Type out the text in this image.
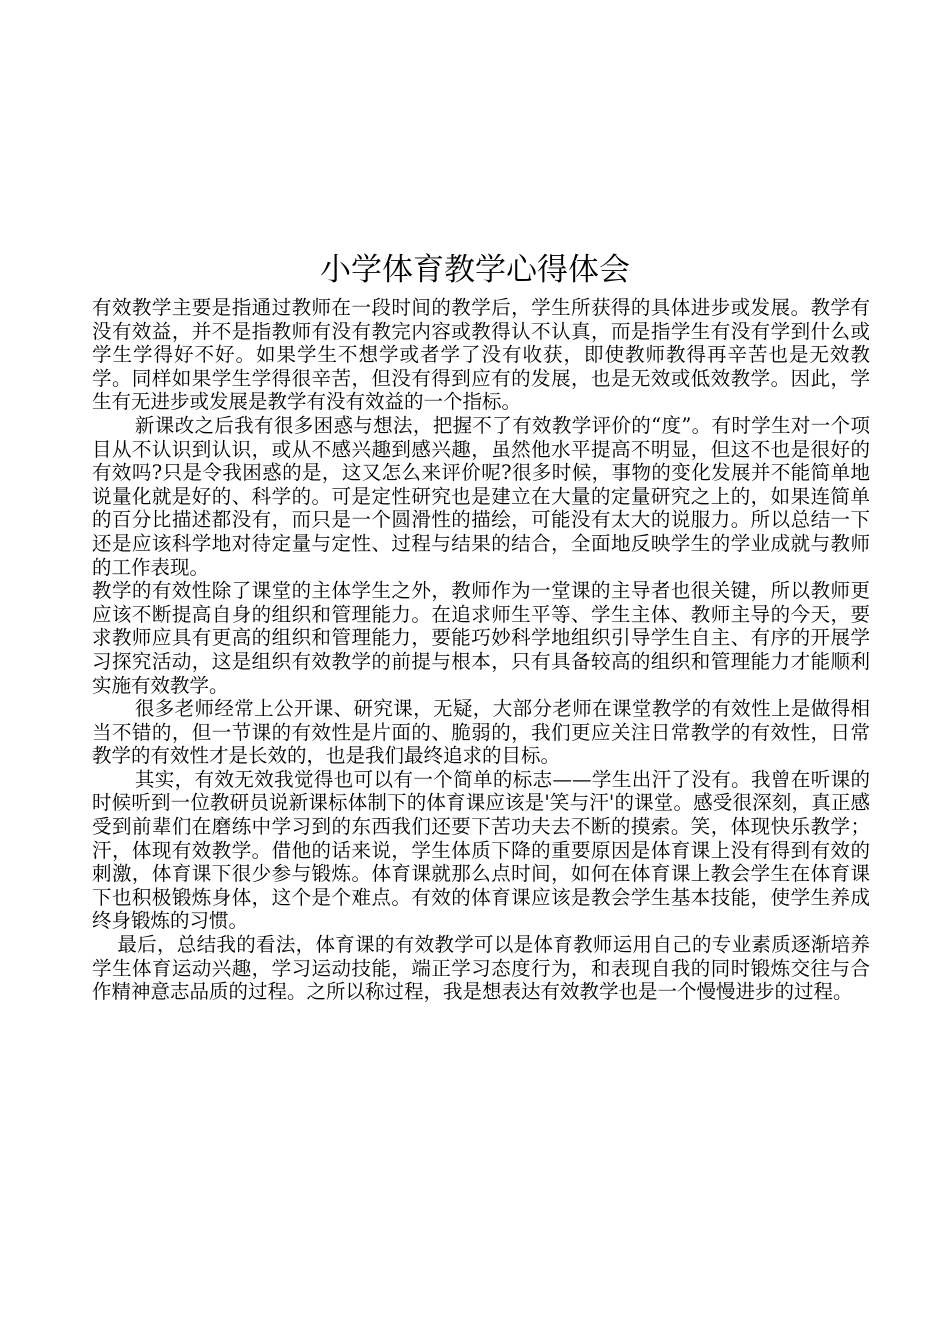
小学体育教学心得体会

有效教学主要是指通过教师在一段时间的教学后，学生所获得的具体进步或发展。教学有没有效益，并不是指教师有没有教完内容或教得认不认真，而是指学生有没有学到什么或学生学得好不好。如果学生不想学或者学了没有收获，即使教师教得再辛苦也是无效教学。同样如果学生学得很辛苦，但没有得到应有的发展，也是无效或低效教学。因此，学生有无进步或发展是教学有没有效益的一个指标。

新课改之后我有很多困惑与想法，把握不了有效教学评价的“度”。有时学生对一个项目从不认识到认识，或从不感兴趣到感兴趣，虽然他水平提高不明显，但这不也是很好的有效吗?只是令我困惑的是，这又怎么来评价呢?很多时候，事物的变化发展并不能简单地说量化就是好的、科学的。可是定性研究也是建立在大量的定量研究之上的，如果连简单的百分比描述都没有，而只是一个圆滑性的描绘，可能没有太大的说服力。所以总结一下还是应该科学地对待定量与定性、过程与结果的结合，全面地反映学生的学业成就与教师的工作表现。

教学的有效性除了课堂的主体学生之外，教师作为一堂课的主导者也很关键，所以教师更应该不断提高自身的组织和管理能力。在追求师生平等、学生主体、教师主导的今天，要求教师应具有更高的组织和管理能力，要能巧妙科学地组织引导学生自主、有序的开展学习探究活动，这是组织有效教学的前提与根本，只有具备较高的组织和管理能力才能顺利实施有效教学。

很多老师经常上公开课、研究课，无疑，大部分老师在课堂教学的有效性上是做得相当不错的，但一节课的有效性是片面的、脆弱的，我们更应关注日常教学的有效性，日常教学的有效性才是长效的，也是我们最终追求的目标。

其实，有效无效我觉得也可以有一个简单的标志——学生出汗了没有。我曾在听课的时候听到一位教研员说新课标体制下的体育课应该是'笑与汗'的课堂。感受很深刻，真正感受到前辈们在磨练中学习到的东西我们还要下苦功夫去不断的摸索。笑，体现快乐教学；汗，体现有效教学。借他的话来说，学生体质下降的重要原因是体育课上没有得到有效的刺激，体育课下很少参与锻炼。体育课就那么点时间，如何在体育课上教会学生在体育课下也积极锻炼身体，这个是个难点。有效的体育课应该是教会学生基本技能，使学生养成终身锻炼的习惯。

最后，总结我的看法，体育课的有效教学可以是体育教师运用自己的专业素质逐渐培养学生体育运动兴趣，学习运动技能，端正学习态度行为，和表现自我的同时锻炼交往与合作精神意志品质的过程。之所以称过程，我是想表达有效教学也是一个慢慢进步的过程。
